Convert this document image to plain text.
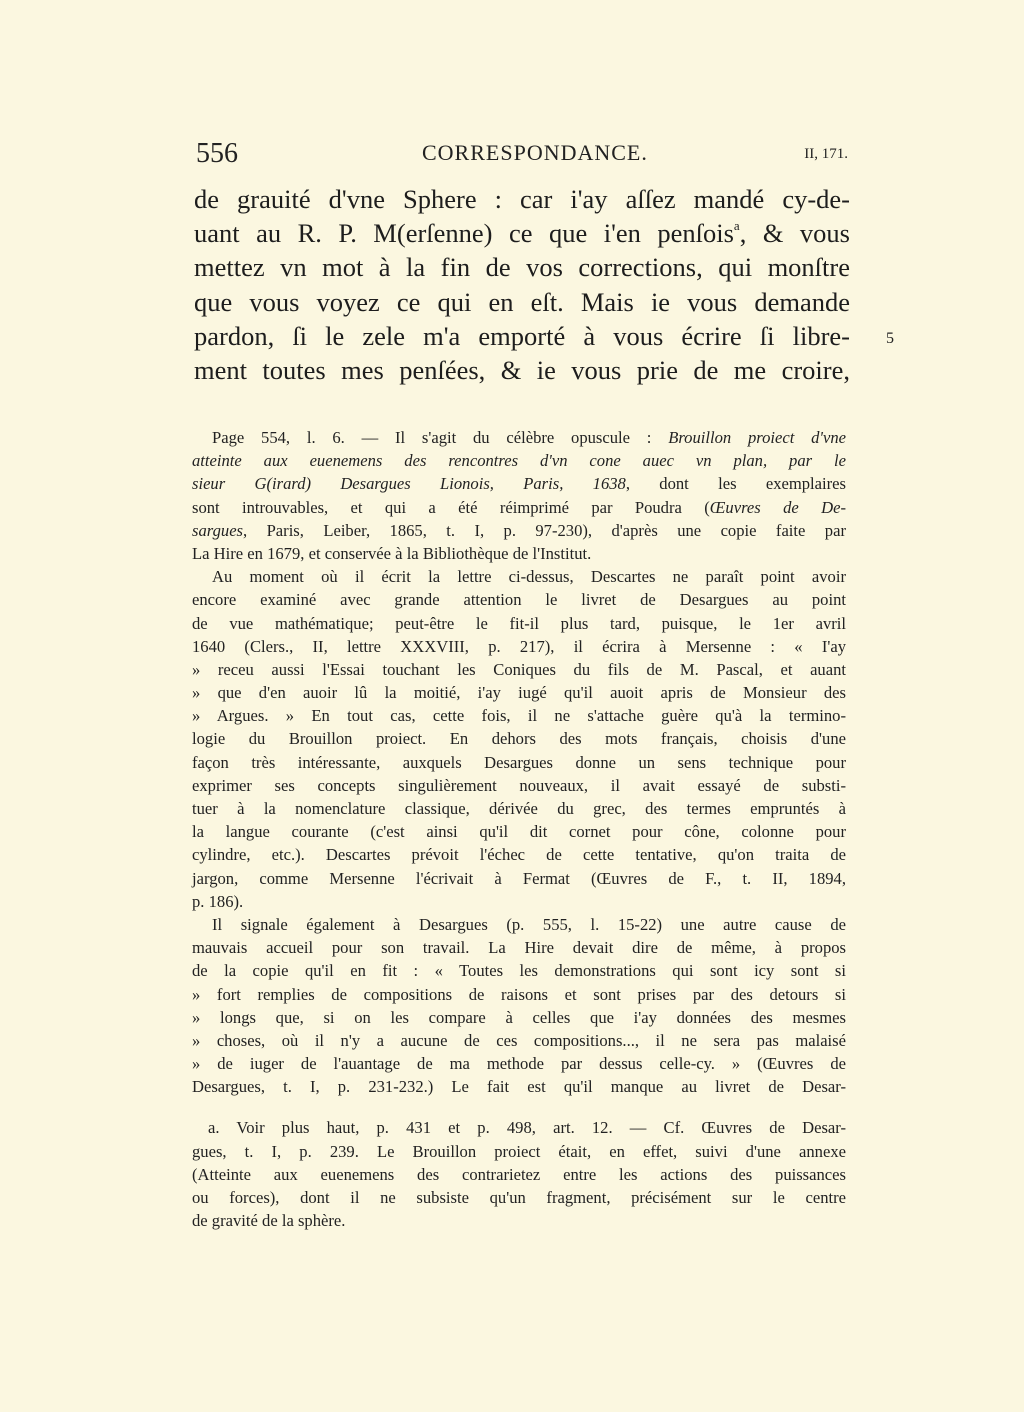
556	CORRESPONDANCE.	II, 171.
de grauité d'vne Sphere : car i'ay aſſez mandé cy-de-
uant au R. P. M(erſenne) ce que i'en penſois$^a$, & vous
mettez vn mot à la fin de vos corrections, qui monſtre
que vous voyez ce qui en eſt. Mais ie vous demande
pardon, ſi le zele m'a emporté à vous écrire ſi libre-
ment toutes mes penſées, & ie vous prie de me croire,
5
Page 554, l. 6. — Il s'agit du célèbre opuscule : Brouillon proiect d'vne
atteinte aux euenemens des rencontres d'vn cone auec vn plan, par le
sieur G(irard) Desargues Lionois, Paris, 1638, dont les exemplaires
sont introuvables, et qui a été réimprimé par Poudra (Œuvres de De-
sargues, Paris, Leiber, 1865, t. I, p. 97-230), d'après une copie faite par
La Hire en 1679, et conservée à la Bibliothèque de l'Institut.
Au moment où il écrit la lettre ci-dessus, Descartes ne paraît point avoir
encore examiné avec grande attention le livret de Desargues au point
de vue mathématique; peut-être le fit-il plus tard, puisque, le 1er avril
1640 (Clers., II, lettre XXXVIII, p. 217), il écrira à Mersenne : « I'ay
» receu aussi l'Essai touchant les Coniques du fils de M. Pascal, et auant
» que d'en auoir lû la moitié, i'ay iugé qu'il auoit apris de Monsieur des
» Argues. » En tout cas, cette fois, il ne s'attache guère qu'à la termino-
logie du Brouillon proiect. En dehors des mots français, choisis d'une
façon très intéressante, auxquels Desargues donne un sens technique pour
exprimer ses concepts singulièrement nouveaux, il avait essayé de substi-
tuer à la nomenclature classique, dérivée du grec, des termes empruntés à
la langue courante (c'est ainsi qu'il dit cornet pour cône, colonne pour
cylindre, etc.). Descartes prévoit l'échec de cette tentative, qu'on traita de
jargon, comme Mersenne l'écrivait à Fermat (Œuvres de F., t. II, 1894,
p. 186).
Il signale également à Desargues (p. 555, l. 15-22) une autre cause de
mauvais accueil pour son travail. La Hire devait dire de même, à propos
de la copie qu'il en fit : « Toutes les demonstrations qui sont icy sont si
» fort remplies de compositions de raisons et sont prises par des detours si
» longs que, si on les compare à celles que i'ay données des mesmes
» choses, où il n'y a aucune de ces compositions..., il ne sera pas malaisé
» de iuger de l'auantage de ma methode par dessus celle-cy. » (Œuvres de
Desargues, t. I, p. 231-232.) Le fait est qu'il manque au livret de Desar-
a. Voir plus haut, p. 431 et p. 498, art. 12. — Cf. Œuvres de Desar-
gues, t. I, p. 239. Le Brouillon proiect était, en effet, suivi d'une annexe
(Atteinte aux euenemens des contrarietez entre les actions des puissances
ou forces), dont il ne subsiste qu'un fragment, précisément sur le centre
de gravité de la sphère.
